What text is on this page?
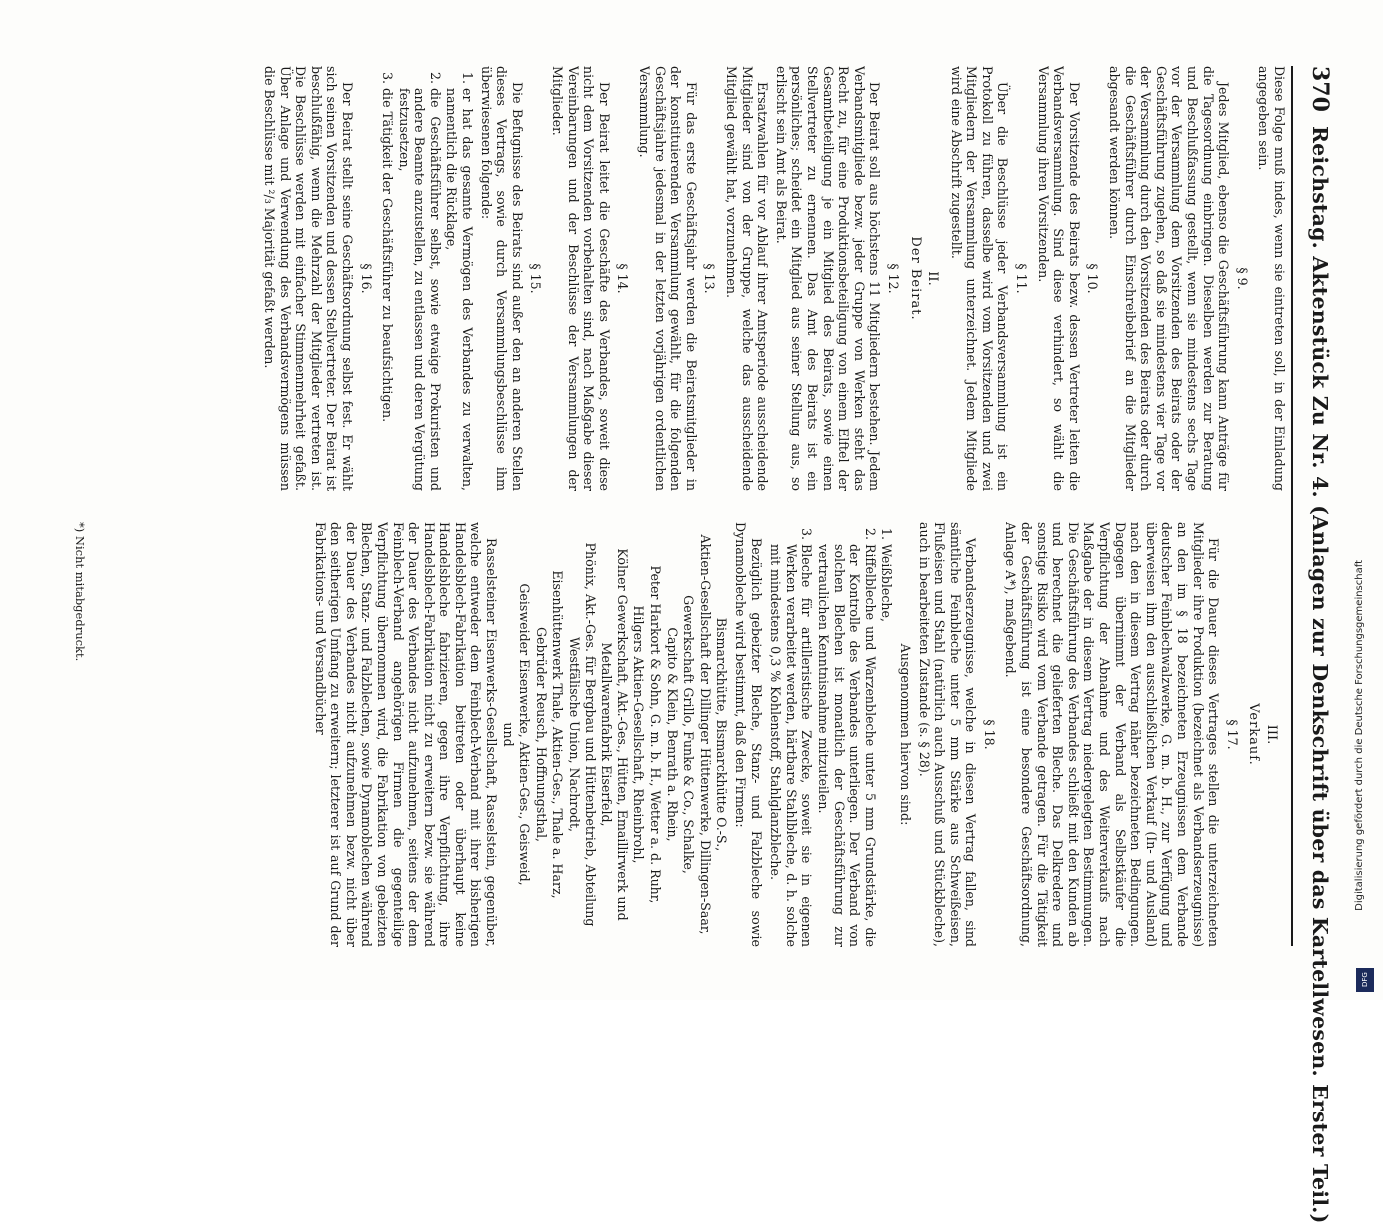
370
Reichstag. Aktenstück Zu Nr. 4. (Anlagen zur Denkschrift über das Kartellwesen. Erster Teil.)

Diese Folge muß indes, wenn sie eintreten soll, in der Einladung angegeben sein.

§ 9.

Jedes Mitglied, ebenso die Geschäftsführung kann Anträge für die Tagesordnung einbringen. Dieselben werden zur Beratung und Beschlußfassung gestellt, wenn sie mindestens sechs Tage vor der Versammlung dem Vorsitzenden des Beirats oder der Geschäftsführung zugehen, so daß sie mindestens vier Tage vor der Versammlung durch den Vorsitzenden des Beirats oder durch die Geschäftsführer durch Einschreibebrief an die Mitglieder abgesandt werden können.

§ 10.

Der Vorsitzende des Beirats bezw. dessen Vertreter leiten die Verbandsversammlung. Sind diese verhindert, so wählt die Versammlung ihren Vorsitzenden.

§ 11.

Über die Beschlüsse jeder Verbandsversammlung ist ein Protokoll zu führen, dasselbe wird vom Vorsitzenden und zwei Mitgliedern der Versammlung unterzeichnet. Jedem Mitgliede wird eine Abschrift zugestellt.

II.
Der Beirat.
§ 12.

Der Beirat soll aus höchstens 11 Mitgliedern bestehen. Jedem Verbandsmitgliede bezw. jeder Gruppe von Werken steht das Recht zu, für eine Produktionsbeteiligung von einem Elftel der Gesamtbeteiligung je ein Mitglied des Beirats, sowie einen Stellvertreter zu ernennen. Das Amt des Beirats ist ein persönliches; scheidet ein Mitglied aus seiner Stellung aus, so erlischt sein Amt als Beirat.

Ersatzwahlen für vor Ablauf ihrer Amtsperiode ausscheidende Mitglieder sind von der Gruppe, welche das ausscheidende Mitglied gewählt hat, vorzunehmen.

§ 13.

Für das erste Geschäftsjahr werden die Beiratsmitglieder in der konstituierenden Versammlung gewählt, für die folgenden Geschäftsjahre jedesmal in der letzten vorjährigen ordentlichen Versammlung.

§ 14.

Der Beirat leitet die Geschäfte des Verbandes, soweit diese nicht dem Vorsitzenden vorbehalten sind, nach Maßgabe dieser Vereinbarungen und der Beschlüsse der Versammlungen der Mitglieder.

§ 15.

Die Befugnisse des Beirats sind außer den an anderen Stellen dieses Vertrags, sowie durch Versammlungsbeschlüsse ihm überwiesenen folgende:

1. er hat das gesamte Vermögen des Verbandes zu verwalten, namentlich die Rücklage,
2. die Geschäftsführer selbst, sowie etwaige Prokuristen und andere Beamte anzustellen, zu entlassen und deren Vergütung festzusetzen,
3. die Tätigkeit der Geschäftsführer zu beaufsichtigen.
§ 16.

Der Beirat stellt seine Geschäftsordnung selbst fest. Er wählt sich seinen Vorsitzenden und dessen Stellvertreter. Der Beirat ist beschlußfähig, wenn die Mehrzahl der Mitglieder vertreten ist. Die Beschlüsse werden mit einfacher Stimmenmehrheit gefaßt. Über Anlage und Verwendung des Verbandsvermögens müssen die Beschlüsse mit ²/₃ Majorität gefaßt werden.

III.
Verkauf.
§ 17.

Für die Dauer dieses Vertrages stellen die unterzeichneten Mitglieder ihre Produktion (bezeichnet als Verbandserzeugnisse) an den im § 18 bezeichneten Erzeugnissen dem Verbande deutscher Feinblechwalzwerke, G. m. b. H., zur Verfügung und überweisen ihm den ausschließlichen Verkauf (In- und Ausland) nach den in diesem Vertrag näher bezeichneten Bedingungen. Dagegen übernimmt der Verband als Selbstkäufer die Verpflichtung der Abnahme und des Weiterverkaufs nach Maßgabe der in diesem Vertrag niedergelegten Bestimmungen. Die Geschäftsführung des Verbandes schließt mit den Kunden ab und berechnet die gelieferten Bleche. Das Delkredere und sonstige Risiko wird vom Verbande getragen. Für die Tätigkeit der Geschäftsführung ist eine besondere Geschäftsordnung, Anlage A*), maßgebend.

§ 18.

Verbandserzeugnisse, welche in diesen Vertrag fallen, sind sämtliche Feinbleche unter 5 mm Stärke aus Schweißeisen, Flußeisen und Stahl (natürlich auch Ausschuß und Stückbleche), auch in bearbeiteten Zustande (s. § 28).

Ausgenommen hiervon sind:

1. Weißbleche,
2. Riffelbleche und Warzenbleche unter 5 mm Grundstärke, die der Kontrolle des Verbandes unterliegen. Der Verband von solchen Blechen ist monatlich der Geschäftsführung zur vertraulichen Kenntnisnahme mitzuteilen.
3. Bleche für artilleristische Zwecke, soweit sie in eigenen Werken verarbeitet werden, härtbare Stahlbleche, d. h. solche mit mindestens 0,3 % Kohlenstoff, Stahlglanzbleche.

Bezüglich gebeizter Bleche, Stanz- und Falzbleche sowie Dynamobleche wird bestimmt, daß den Firmen:

Bismarckhütte, Bismarckhütte O.-S.,
Aktien-Gesellschaft der Dillinger Hüttenwerke, Dillingen-Saar,
Gewerkschaft Grillo, Funke & Co., Schalke,
Capito & Klein, Benrath a. Rhein,
Peter Harkort & Sohn, G. m. b. H., Wetter a. d. Ruhr,
Hilgers Aktien-Gesellschaft, Rheinbrohl,
Kölner Gewerkschaft, Akt.-Ges., Hütten, Emaillirwerk und Metallwarenfabrik Eiserfeld,
Phönix, Akt.-Ges. für Bergbau und Hüttenbetrieb, Abteilung Westfälische Union, Nachrodt,
Eisenhüttenwerk Thale, Aktien-Ges., Thale a. Harz,
Gebrüder Reusch, Hoffnungsthal,
Geisweider Eisenwerke, Aktien-Ges., Geisweid,
und

Rasselsteiner Eisenwerks-Gesellschaft, Rasselstein, gegenüber, welche entweder dem Feinblech-Verband mit ihrer bisherigen Handelsblech-Fabrikation beitreten oder überhaupt keine Handelsbleche fabrizieren, gegen ihre Verpflichtung, ihre Handelsblech-Fabrikation nicht zu erweitern bezw. sie während der Dauer des Verbandes nicht aufzunehmen, seitens der dem Feinblech-Verband angehörigen Firmen die gegenteilige Verpflichtung übernommen wird, die Fabrikation von gebeizten Blechen, Stanz- und Falzblechen, sowie Dynamoblechen während der Dauer des Verbandes nicht aufzunehmen bezw. nicht über den seitherigen Umfang zu erweitern; letzterer ist auf Grund der Fabrikations- und Versandbücher

*) Nicht mitabgedruckt.	Digitalisierung gefördert durch die Deutsche Forschungsgemeinschaft
DFG
